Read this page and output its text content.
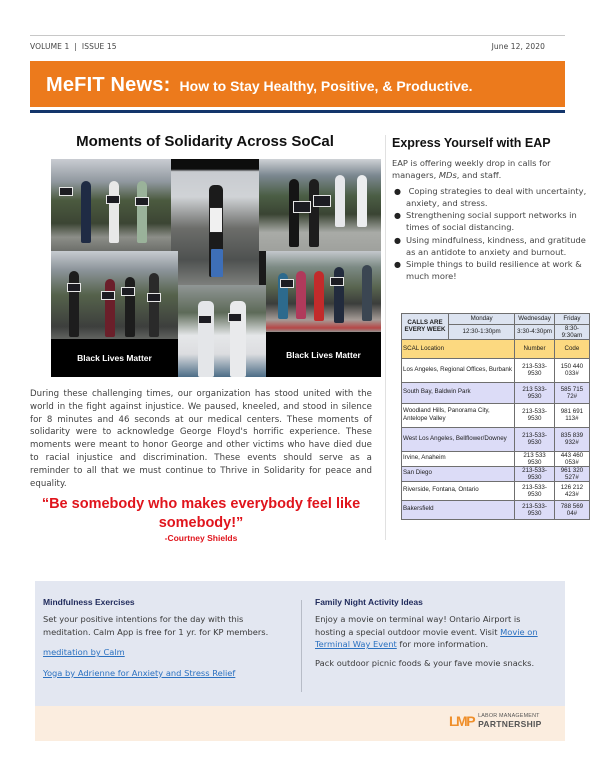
VOLUME 1  |  ISSUE 15	June 12, 2020
MeFIT News: How to Stay Healthy, Positive, & Productive.
Moments of Solidarity Across SoCal
Black Lives Matter	Black Lives Matter

During these challenging times, our organization has stood united with the world in the fight against injustice. We paused, kneeled, and stood in silence for 8 minutes and 46 seconds at our medical centers. These moments of solidarity were to acknowledge George Floyd's horrific experience. These moments were meant to honor George and other victims who have died due to racial injustice and discrimination. These events should serve as a reminder to all that we must continue to Thrive in Solidarity for peace and equality.

“Be somebody who makes everybody feel like somebody!”
-Courtney Shields
Express Yourself with EAP

EAP is offering weekly drop in calls for managers, MDs, and staff.

● Coping strategies to deal with uncertainty, anxiety, and stress.
● Strengthening social support networks in times of social distancing.
● Using mindfulness, kindness, and gratitude as an antidote to anxiety and burnout.
● Simple things to build resilience at work & much more!
CALLS ARE
EVERY WEEK	Monday	Wednesday	Friday
	12:30-1:30pm	3:30-4:30pm	8:30-9:30am
SCAL Location		Number	Code
Los Angeles, Regional Offices, Burbank		213-533-9530	150 440 033#
South Bay, Baldwin Park		213 533-9530	585 715 72#
Woodland Hills, Panorama City, Antelope Valley		213-533-9530	981 691 113#
West Los Angeles, Bellflower/Downey		213-533-9530	835 839 932#
Irvine, Anaheim		213 533 9530	443 460 053#
San Diego		213-533-9530	961 320 527#
Riverside, Fontana, Ontario		213-533-9530	126 212 423#
Bakersfield		213-533-9530	788 569 04#
Mindfulness Exercises

Set your positive intentions for the day with this meditation. Calm App is free for 1 yr. for KP members.

meditation by Calm
Yoga by Adrienne for Anxiety and Stress Relief
Family Night Activity Ideas

Enjoy a movie on terminal way! Ontario Airport is hosting a special outdoor movie event. Visit Movie on Terminal Way Event for more information.

Pack outdoor picnic foods & your fave movie snacks.

LMP LABOR MANAGEMENT
PARTNERSHIP
